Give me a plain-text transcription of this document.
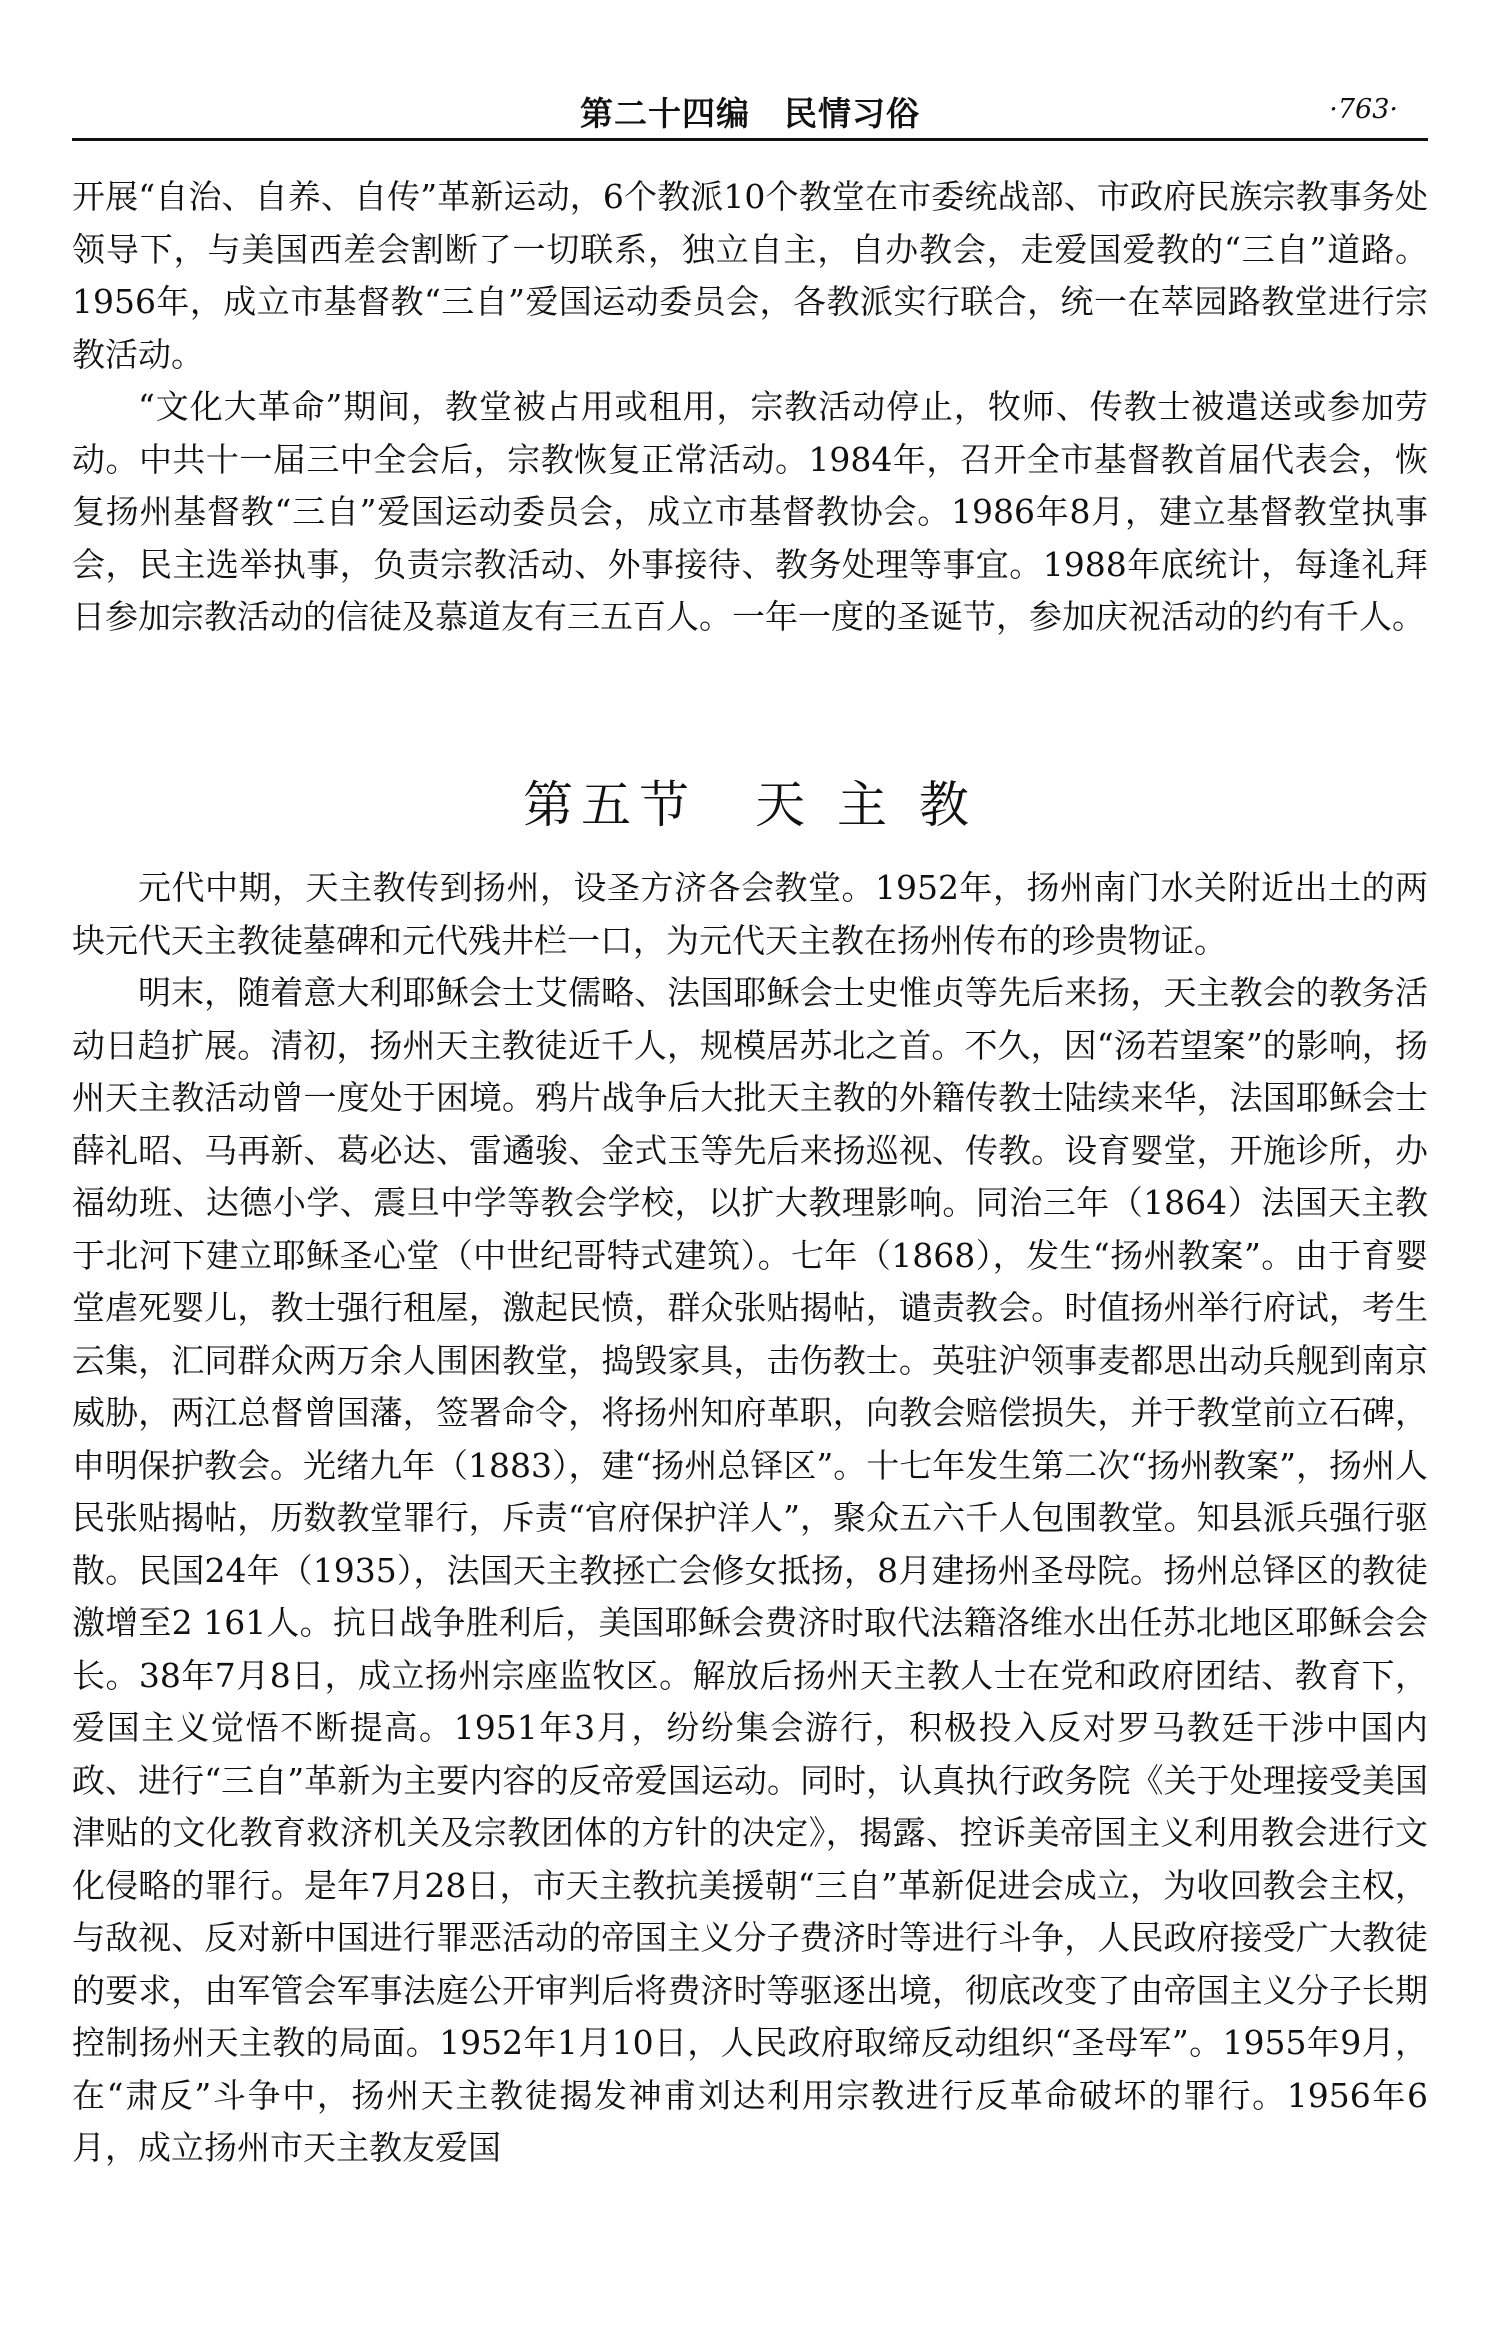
第二十四编　民情习俗	·763·

开展“自治、自养、自传”革新运动，6个教派10个教堂在市委统战部、市政府民族宗教事务处领导下，与美国西差会割断了一切联系，独立自主，自办教会，走爱国爱教的“三自”道路。1956年，成立市基督教“三自”爱国运动委员会，各教派实行联合，统一在萃园路教堂进行宗教活动。

“文化大革命”期间，教堂被占用或租用，宗教活动停止，牧师、传教士被遣送或参加劳动。中共十一届三中全会后，宗教恢复正常活动。1984年，召开全市基督教首届代表会，恢复扬州基督教“三自”爱国运动委员会，成立市基督教协会。1986年8月，建立基督教堂执事会，民主选举执事，负责宗教活动、外事接待、教务处理等事宜。1988年底统计，每逢礼拜日参加宗教活动的信徒及慕道友有三五百人。一年一度的圣诞节，参加庆祝活动的约有千人。

第五节　天 主 教

元代中期，天主教传到扬州，设圣方济各会教堂。1952年，扬州南门水关附近出土的两块元代天主教徒墓碑和元代残井栏一口，为元代天主教在扬州传布的珍贵物证。

明末，随着意大利耶稣会士艾儒略、法国耶稣会士史惟贞等先后来扬，天主教会的教务活动日趋扩展。清初，扬州天主教徒近千人，规模居苏北之首。不久，因“汤若望案”的影响，扬州天主教活动曾一度处于困境。鸦片战争后大批天主教的外籍传教士陆续来华，法国耶稣会士薛礼昭、马再新、葛必达、雷遹骏、金式玉等先后来扬巡视、传教。设育婴堂，开施诊所，办福幼班、达德小学、震旦中学等教会学校，以扩大教理影响。同治三年（1864）法国天主教于北河下建立耶稣圣心堂（中世纪哥特式建筑）。七年（1868），发生“扬州教案”。由于育婴堂虐死婴儿，教士强行租屋，激起民愤，群众张贴揭帖，谴责教会。时值扬州举行府试，考生云集，汇同群众两万余人围困教堂，捣毁家具，击伤教士。英驻沪领事麦都思出动兵舰到南京威胁，两江总督曾国藩，签署命令，将扬州知府革职，向教会赔偿损失，并于教堂前立石碑，申明保护教会。光绪九年（1883），建“扬州总铎区”。十七年发生第二次“扬州教案”，扬州人民张贴揭帖，历数教堂罪行，斥责“官府保护洋人”，聚众五六千人包围教堂。知县派兵强行驱散。民国24年（1935），法国天主教拯亡会修女抵扬，8月建扬州圣母院。扬州总铎区的教徒激增至2 161人。抗日战争胜利后，美国耶稣会费济时取代法籍洛维水出任苏北地区耶稣会会长。38年7月8日，成立扬州宗座监牧区。解放后扬州天主教人士在党和政府团结、教育下，爱国主义觉悟不断提高。1951年3月，纷纷集会游行，积极投入反对罗马教廷干涉中国内政、进行“三自”革新为主要内容的反帝爱国运动。同时，认真执行政务院《关于处理接受美国津贴的文化教育救济机关及宗教团体的方针的决定》，揭露、控诉美帝国主义利用教会进行文化侵略的罪行。是年7月28日，市天主教抗美援朝“三自”革新促进会成立，为收回教会主权，与敌视、反对新中国进行罪恶活动的帝国主义分子费济时等进行斗争，人民政府接受广大教徒的要求，由军管会军事法庭公开审判后将费济时等驱逐出境，彻底改变了由帝国主义分子长期控制扬州天主教的局面。1952年1月10日，人民政府取缔反动组织“圣母军”。1955年9月，在“肃反”斗争中，扬州天主教徒揭发神甫刘达利用宗教进行反革命破坏的罪行。1956年6月，成立扬州市天主教友爱国
